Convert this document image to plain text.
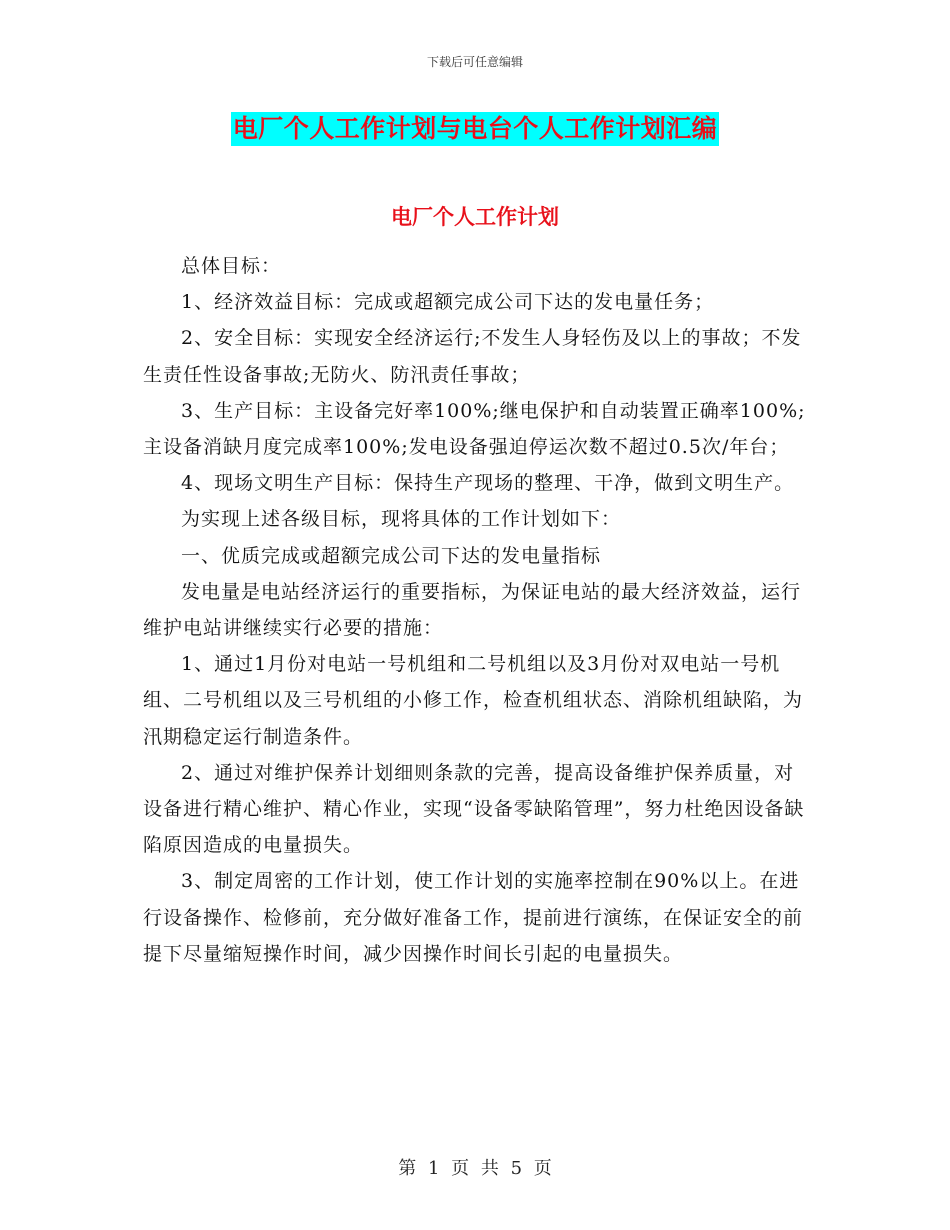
下载后可任意编辑
电厂个人工作计划与电台个人工作计划汇编
电厂个人工作计划

总体目标：

1、经济效益目标：完成或超额完成公司下达的发电量任务；

2、安全目标：实现安全经济运行;不发生人身轻伤及以上的事故；不发生责任性设备事故;无防火、防汛责任事故；

3、生产目标：主设备完好率100%;继电保护和自动装置正确率100%;主设备消缺月度完成率100%;发电设备强迫停运次数不超过0.5次/年台；

4、现场文明生产目标：保持生产现场的整理、干净，做到文明生产。

为实现上述各级目标，现将具体的工作计划如下：

一、优质完成或超额完成公司下达的发电量指标

发电量是电站经济运行的重要指标，为保证电站的最大经济效益，运行维护电站讲继续实行必要的措施：

1、通过1月份对电站一号机组和二号机组以及3月份对双电站一号机组、二号机组以及三号机组的小修工作，检查机组状态、消除机组缺陷，为汛期稳定运行制造条件。

2、通过对维护保养计划细则条款的完善，提高设备维护保养质量，对设备进行精心维护、精心作业，实现“设备零缺陷管理”，努力杜绝因设备缺陷原因造成的电量损失。

3、制定周密的工作计划，使工作计划的实施率控制在90%以上。在进行设备操作、检修前，充分做好准备工作，提前进行演练，在保证安全的前提下尽量缩短操作时间，减少因操作时间长引起的电量损失。

第 1 页 共 5 页
